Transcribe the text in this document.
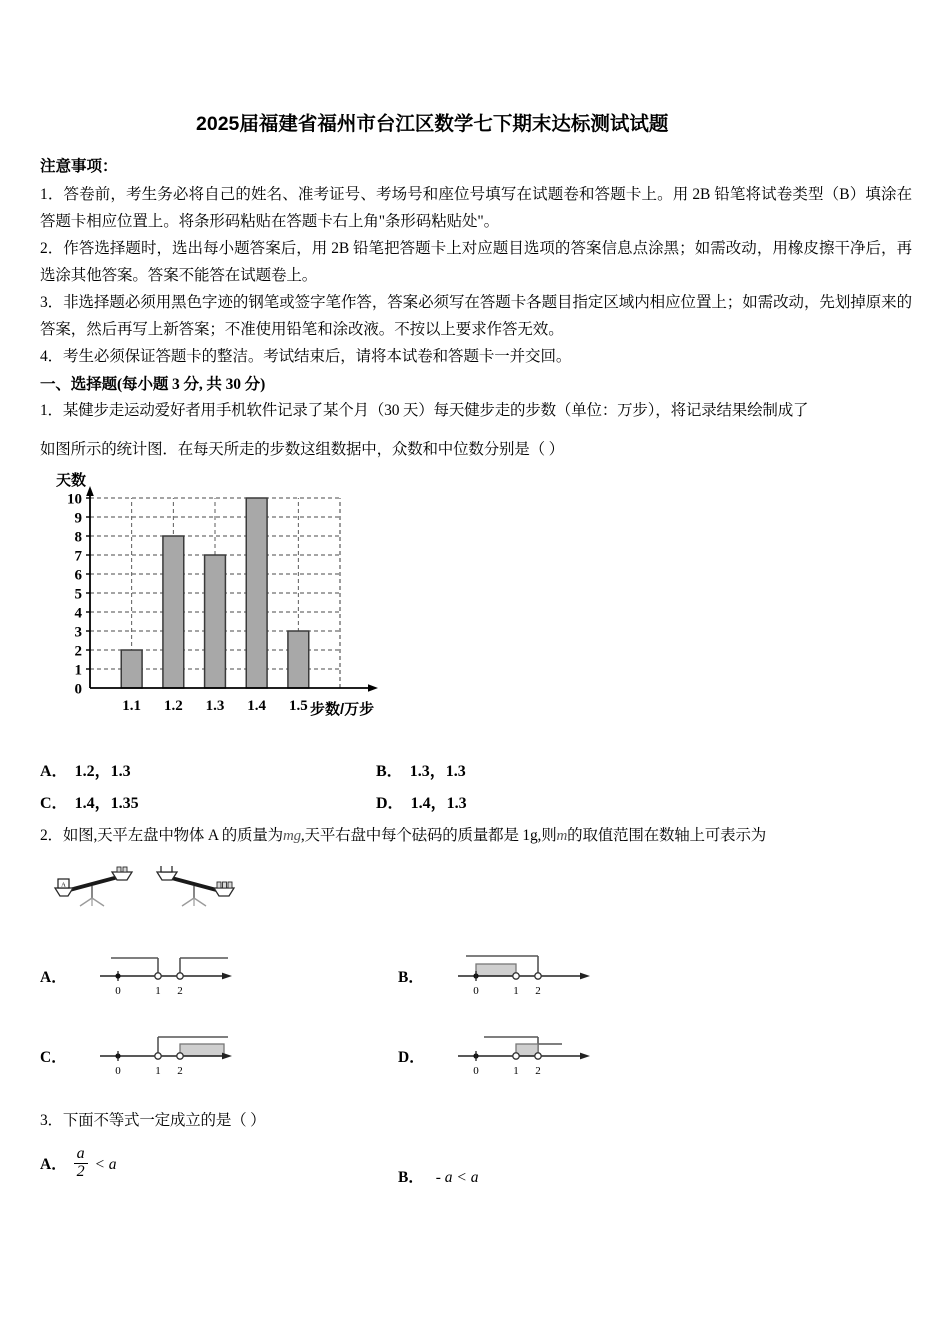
2025届福建省福州市台江区数学七下期末达标测试试题
注意事项：

1．答卷前，考生务必将自己的姓名、准考证号、考场号和座位号填写在试题卷和答题卡上。用 2B 铅笔将试卷类型（B）填涂在答题卡相应位置上。将条形码粘贴在答题卡右上角"条形码粘贴处"。

2．作答选择题时，选出每小题答案后，用 2B 铅笔把答题卡上对应题目选项的答案信息点涂黑；如需改动，用橡皮擦干净后，再选涂其他答案。答案不能答在试题卷上。

3．非选择题必须用黑色字迹的钢笔或签字笔作答，答案必须写在答题卡各题目指定区域内相应位置上；如需改动，先划掉原来的答案，然后再写上新答案；不准使用铅笔和涂改液。不按以上要求作答无效。

4．考生必须保证答题卡的整洁。考试结束后，请将本试卷和答题卡一并交回。

一、选择题(每小题 3 分, 共 30 分)
1．某健步走运动爱好者用手机软件记录了某个月（30 天）每天健步走的步数（单位：万步），将记录结果绘制成了
如图所示的统计图．在每天所走的步数这组数据中，众数和中位数分别是（ ）
天数
0
1
2
3
4
5
6
7
8
9
10
1.1 1.2 1.3 1.4 1.5 步数/万步
A． 1.2，1.3	B． 1.3，1.3
C． 1.4，1.35	D． 1.4，1.3
2．如图,天平左盘中物体 A 的质量为mg,天平右盘中每个砝码的质量都是 1g,则m的取值范围在数轴上可表示为
A
A．
0	1 2
B．
0	1 2
C．
0	1 2
D．
0	1 2
3．下面不等式一定成立的是（ ）
A． $\frac{a}{2} < a$
B． - a < a
